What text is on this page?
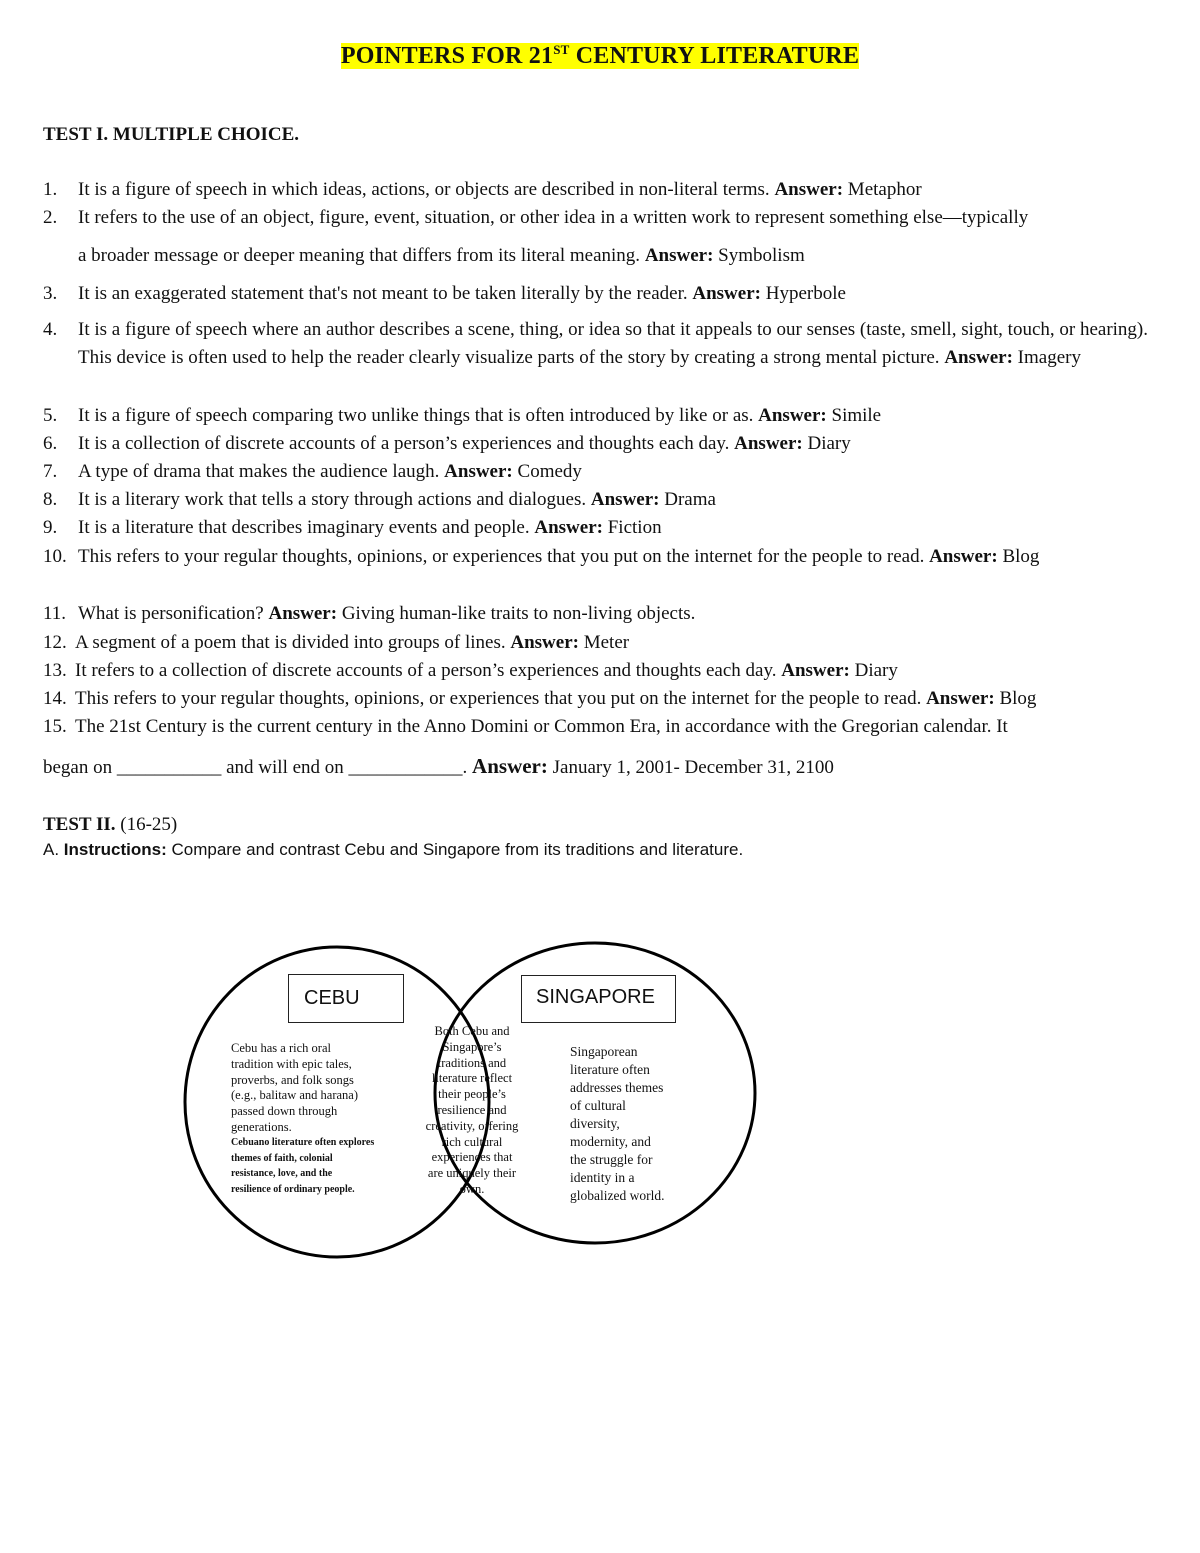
POINTERS FOR 21ST CENTURY LITERATURE
TEST I. MULTIPLE CHOICE.
1. It is a figure of speech in which ideas, actions, or objects are described in non-literal terms. Answer: Metaphor
2. It refers to the use of an object, figure, event, situation, or other idea in a written work to represent something else—typically
a broader message or deeper meaning that differs from its literal meaning. Answer: Symbolism
3. It is an exaggerated statement that's not meant to be taken literally by the reader. Answer: Hyperbole
4. It is a figure of speech where an author describes a scene, thing, or idea so that it appeals to our senses (taste, smell, sight, touch, or hearing). This device is often used to help the reader clearly visualize parts of the story by creating a strong mental picture. Answer: Imagery
5. It is a figure of speech comparing two unlike things that is often introduced by like or as. Answer: Simile
6. It is a collection of discrete accounts of a person’s experiences and thoughts each day. Answer: Diary
7. A type of drama that makes the audience laugh. Answer: Comedy
8. It is a literary work that tells a story through actions and dialogues. Answer: Drama
9. It is a literature that describes imaginary events and people. Answer: Fiction
10. This refers to your regular thoughts, opinions, or experiences that you put on the internet for the people to read. Answer: Blog
11. What is personification? Answer: Giving human-like traits to non-living objects.
12. A segment of a poem that is divided into groups of lines. Answer: Meter
13. It refers to a collection of discrete accounts of a person’s experiences and thoughts each day. Answer: Diary
14. This refers to your regular thoughts, opinions, or experiences that you put on the internet for the people to read. Answer: Blog
15. The 21st Century is the current century in the Anno Domini or Common Era, in accordance with the Gregorian calendar. It
began on ___________ and will end on ____________. Answer: January 1, 2001- December 31, 2100
TEST II. (16-25)
A. Instructions: Compare and contrast Cebu and Singapore from its traditions and literature.
CEBU	SINGAPORE
Cebu has a rich oral
tradition with epic tales,
proverbs, and folk songs
(e.g., balitaw and harana)
passed down through
generations.
Cebuano literature often explores
themes of faith, colonial
resistance, love, and the
resilience of ordinary people.
Both Cebu and
Singapore’s
traditions and
literature reflect
their people’s
resilience and
creativity, offering
rich cultural
experiences that
are uniquely their
own.
Singaporean
literature often
addresses themes
of cultural
diversity,
modernity, and
the struggle for
identity in a
globalized world.
